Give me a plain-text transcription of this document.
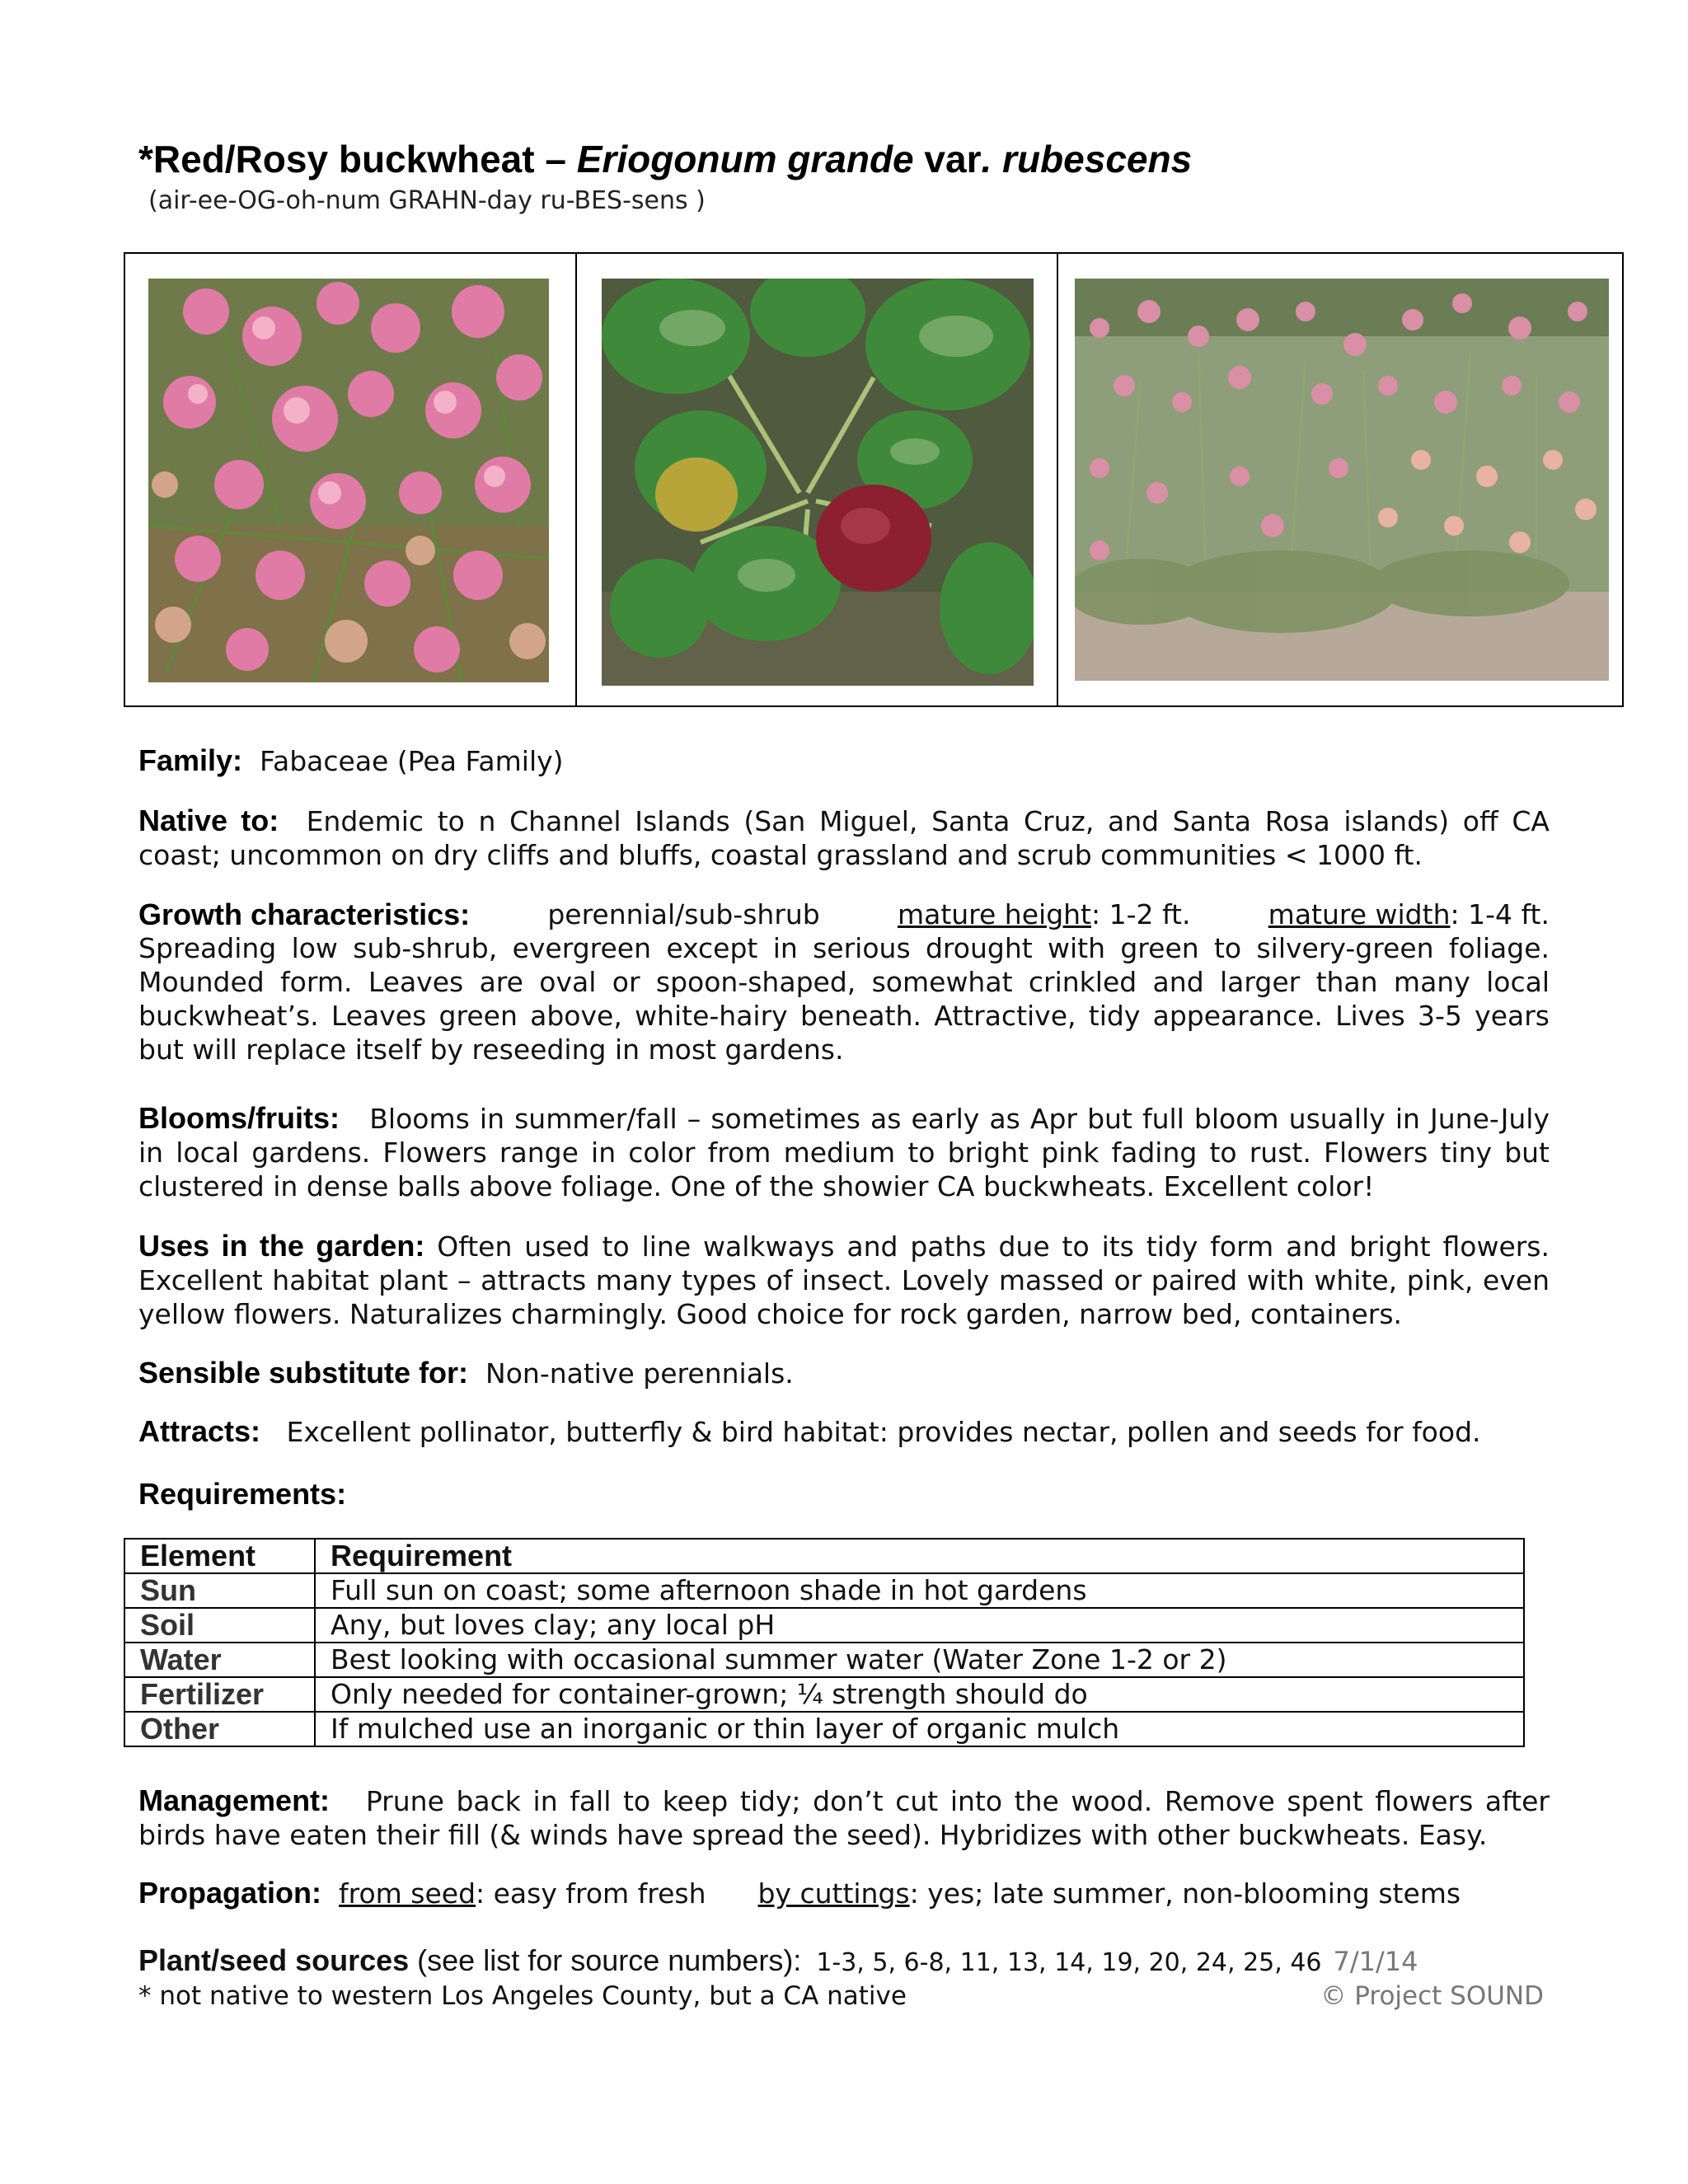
*Red/Rosy buckwheat – Eriogonum grande var. rubescens
(air-ee-OG-oh-num GRAHN-day ru-BES-sens )
Family: Fabaceae (Pea Family)
Native to: Endemic to n Channel Islands (San Miguel, Santa Cruz, and Santa Rosa islands) off CA coast; uncommon on dry cliffs and bluffs, coastal grassland and scrub communities < 1000 ft.
Growth characteristics:	perennial/sub-shrub	mature height: 1-2 ft.	mature width: 1-4 ft.
Spreading low sub-shrub, evergreen except in serious drought with green to silvery-green foliage. Mounded form. Leaves are oval or spoon-shaped, somewhat crinkled and larger than many local buckwheat’s. Leaves green above, white-hairy beneath. Attractive, tidy appearance. Lives 3-5 years but will replace itself by reseeding in most gardens.
Blooms/fruits: Blooms in summer/fall – sometimes as early as Apr but full bloom usually in June-July in local gardens. Flowers range in color from medium to bright pink fading to rust. Flowers tiny but clustered in dense balls above foliage. One of the showier CA buckwheats. Excellent color!
Uses in the garden: Often used to line walkways and paths due to its tidy form and bright flowers. Excellent habitat plant – attracts many types of insect. Lovely massed or paired with white, pink, even yellow flowers. Naturalizes charmingly. Good choice for rock garden, narrow bed, containers.
Sensible substitute for: Non-native perennials.
Attracts: Excellent pollinator, butterfly & bird habitat: provides nectar, pollen and seeds for food.
Requirements:
Element	Requirement
Sun	Full sun on coast; some afternoon shade in hot gardens
Soil	Any, but loves clay; any local pH
Water	Best looking with occasional summer water (Water Zone 1-2 or 2)
Fertilizer	Only needed for container-grown; ¼ strength should do
Other	If mulched use an inorganic or thin layer of organic mulch
Management: Prune back in fall to keep tidy; don’t cut into the wood. Remove spent flowers after birds have eaten their fill (& winds have spread the seed). Hybridizes with other buckwheats. Easy.
Propagation: from seed: easy from fresh by cuttings: yes; late summer, non-blooming stems
Plant/seed sources (see list for source numbers): 1-3, 5, 6-8, 11, 13, 14, 19, 20, 24, 25, 46 7/1/14
* not native to western Los Angeles County, but a CA native	© Project SOUND
